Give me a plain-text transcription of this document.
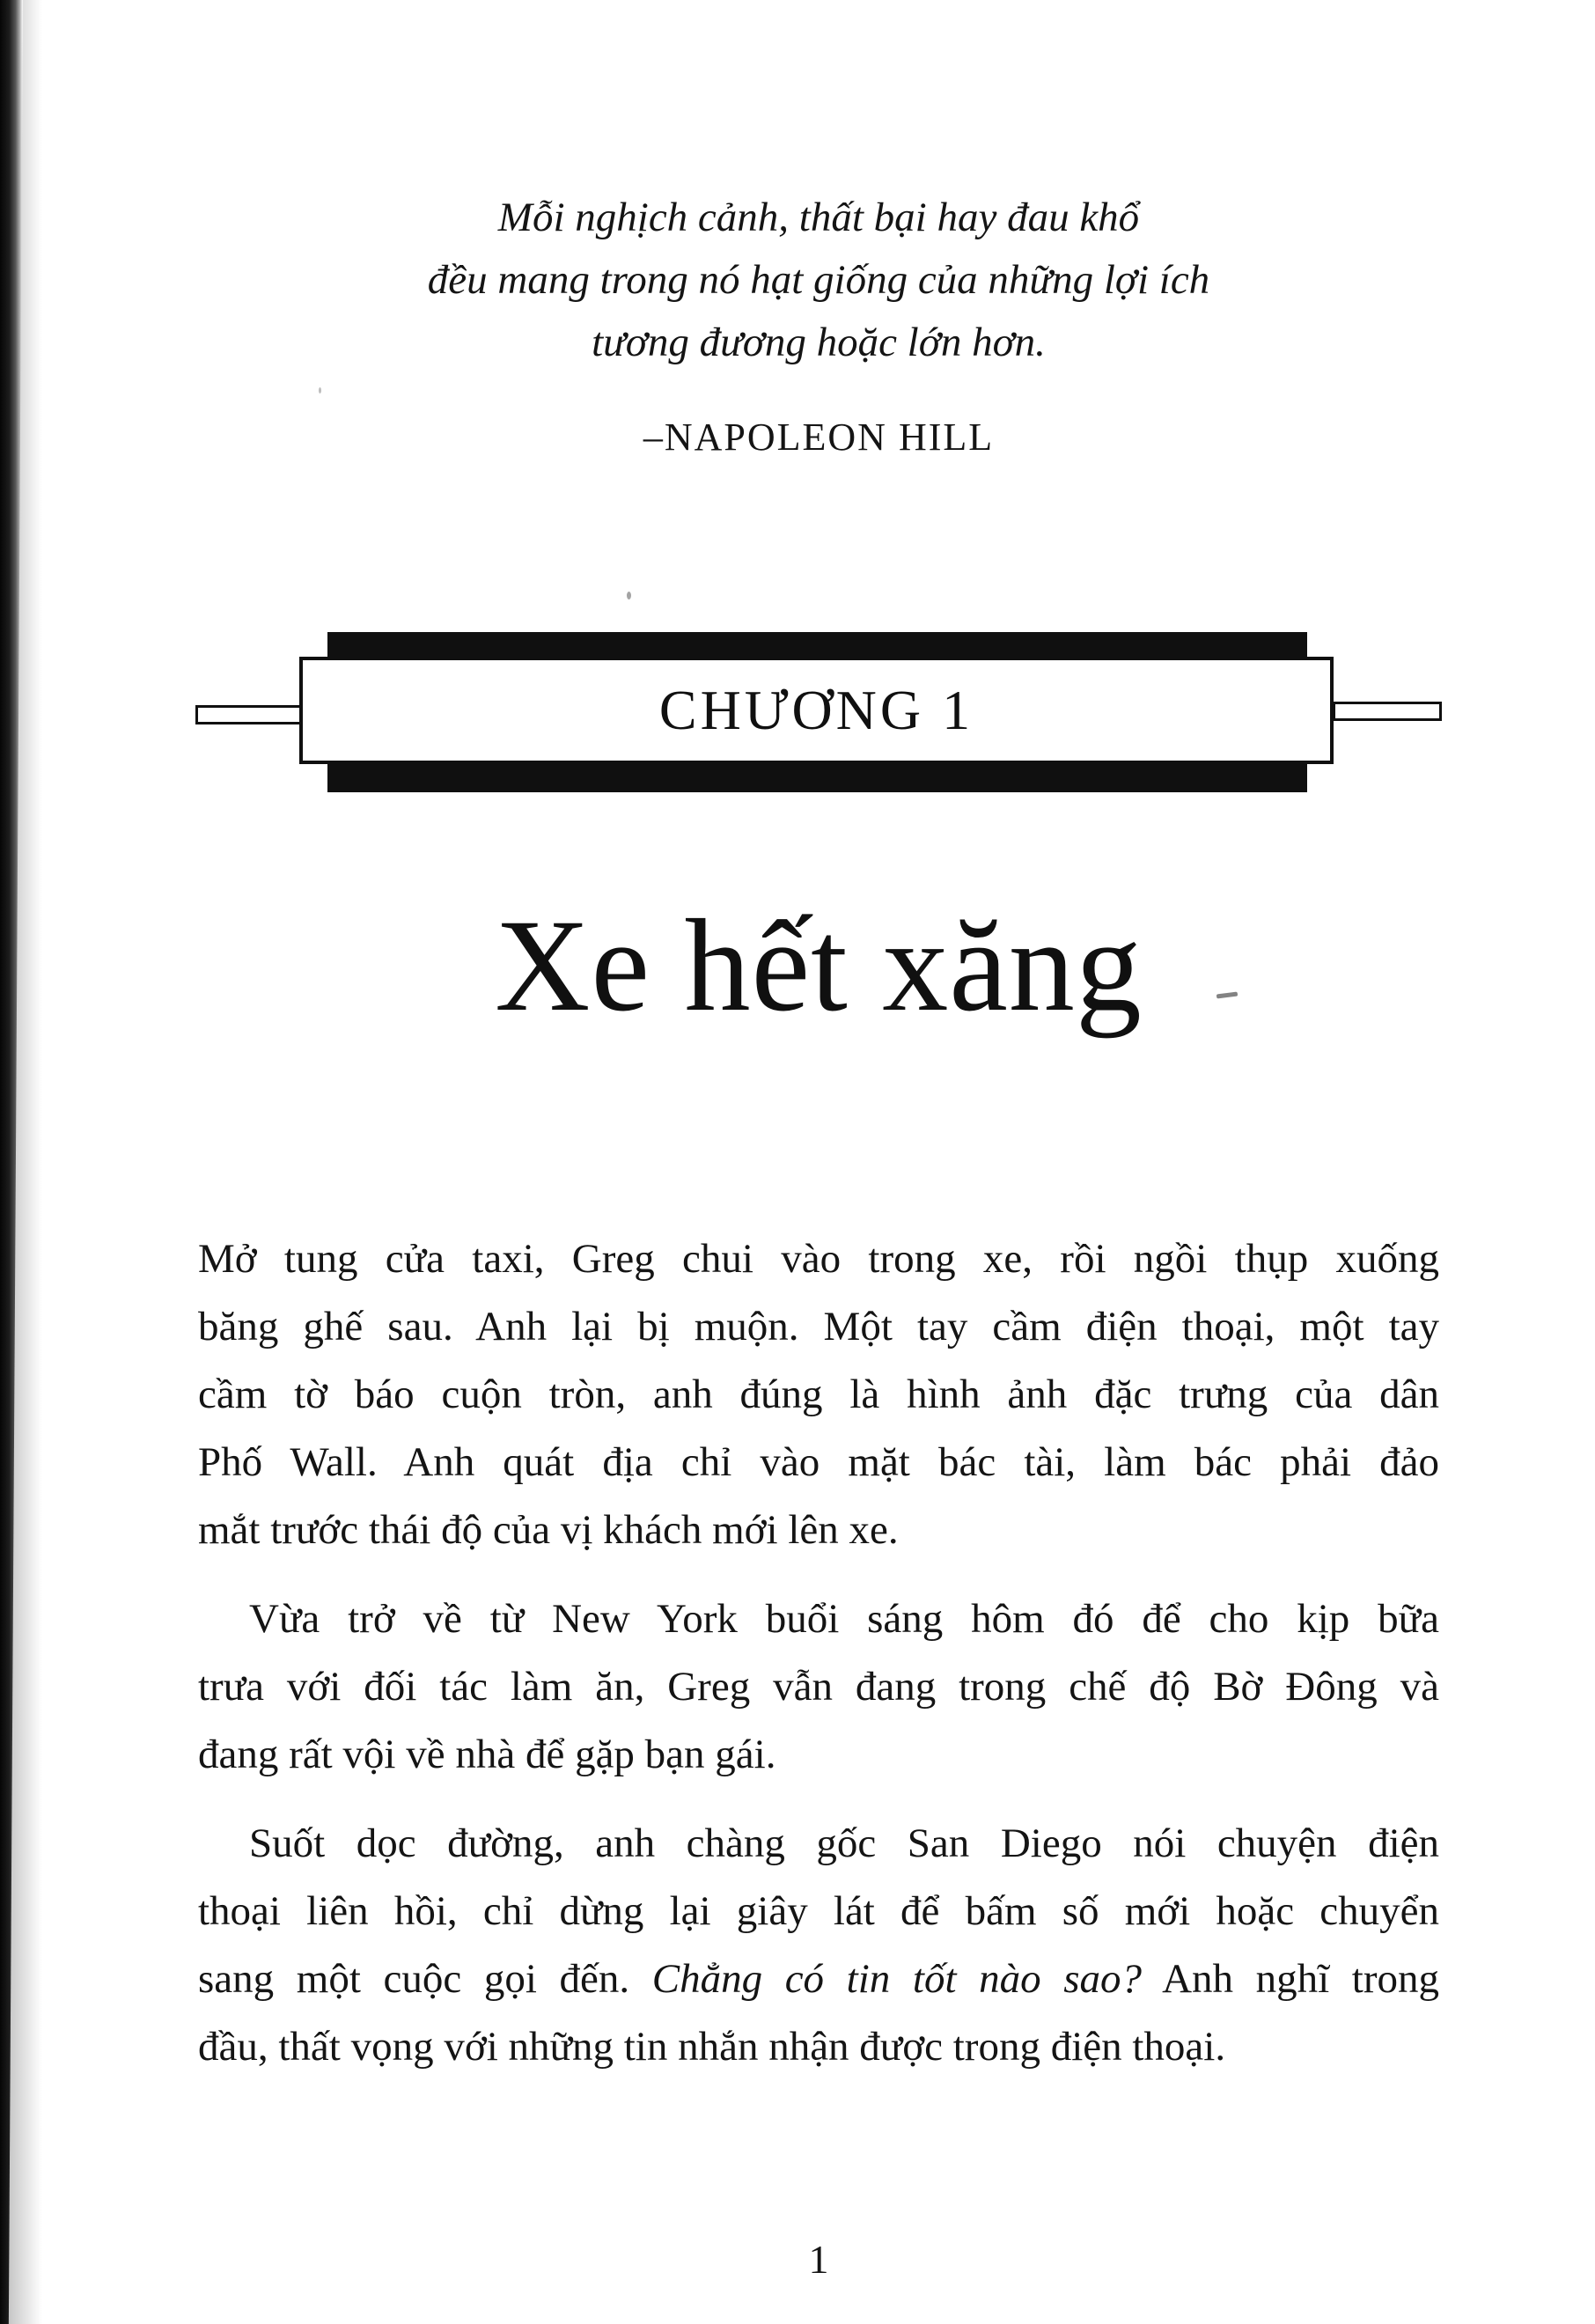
Mỗi nghịch cảnh, thất bại hay đau khổ
đều mang trong nó hạt giống của những lợi ích
tương đương hoặc lớn hơn.
–NAPOLEON HILL
CHƯƠNG 1
Xe hết xăng
Mở tung cửa taxi, Greg chui vào trong xe, rồi ngồi thụp xuống
băng ghế sau. Anh lại bị muộn. Một tay cầm điện thoại, một tay
cầm tờ báo cuộn tròn, anh đúng là hình ảnh đặc trưng của dân
Phố Wall. Anh quát địa chỉ vào mặt bác tài, làm bác phải đảo
mắt trước thái độ của vị khách mới lên xe.
Vừa trở về từ New York buổi sáng hôm đó để cho kịp bữa
trưa với đối tác làm ăn, Greg vẫn đang trong chế độ Bờ Đông và
đang rất vội về nhà để gặp bạn gái.
Suốt dọc đường, anh chàng gốc San Diego nói chuyện điện
thoại liên hồi, chỉ dừng lại giây lát để bấm số mới hoặc chuyển
sang một cuộc gọi đến. Chẳng có tin tốt nào sao? Anh nghĩ trong
đầu, thất vọng với những tin nhắn nhận được trong điện thoại.
1
